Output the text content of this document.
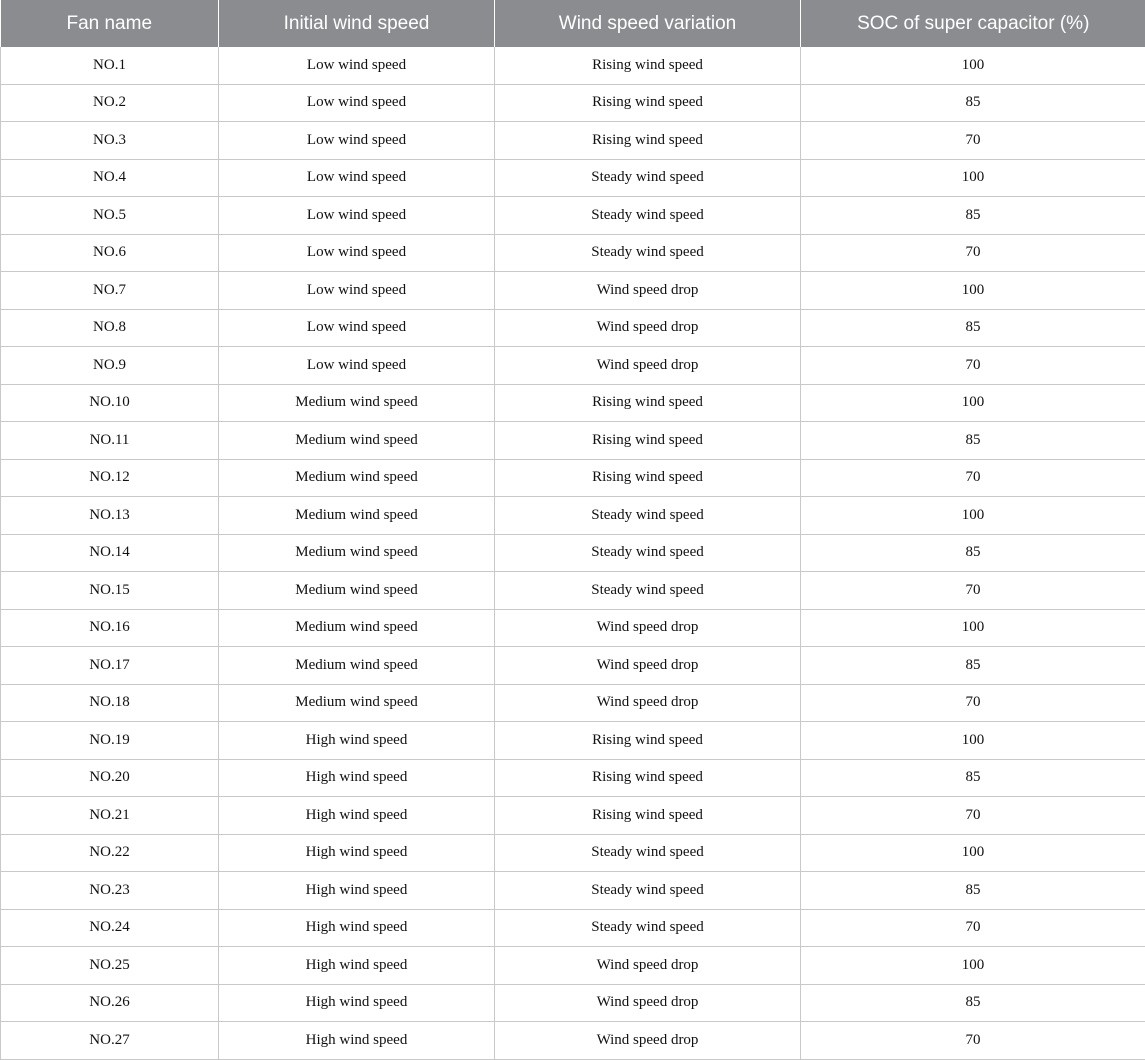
Fan name	Initial wind speed	Wind speed variation	SOC of super capacitor (%)
NO.1	Low wind speed	Rising wind speed	100
NO.2	Low wind speed	Rising wind speed	85
NO.3	Low wind speed	Rising wind speed	70
NO.4	Low wind speed	Steady wind speed	100
NO.5	Low wind speed	Steady wind speed	85
NO.6	Low wind speed	Steady wind speed	70
NO.7	Low wind speed	Wind speed drop	100
NO.8	Low wind speed	Wind speed drop	85
NO.9	Low wind speed	Wind speed drop	70
NO.10	Medium wind speed	Rising wind speed	100
NO.11	Medium wind speed	Rising wind speed	85
NO.12	Medium wind speed	Rising wind speed	70
NO.13	Medium wind speed	Steady wind speed	100
NO.14	Medium wind speed	Steady wind speed	85
NO.15	Medium wind speed	Steady wind speed	70
NO.16	Medium wind speed	Wind speed drop	100
NO.17	Medium wind speed	Wind speed drop	85
NO.18	Medium wind speed	Wind speed drop	70
NO.19	High wind speed	Rising wind speed	100
NO.20	High wind speed	Rising wind speed	85
NO.21	High wind speed	Rising wind speed	70
NO.22	High wind speed	Steady wind speed	100
NO.23	High wind speed	Steady wind speed	85
NO.24	High wind speed	Steady wind speed	70
NO.25	High wind speed	Wind speed drop	100
NO.26	High wind speed	Wind speed drop	85
NO.27	High wind speed	Wind speed drop	70
